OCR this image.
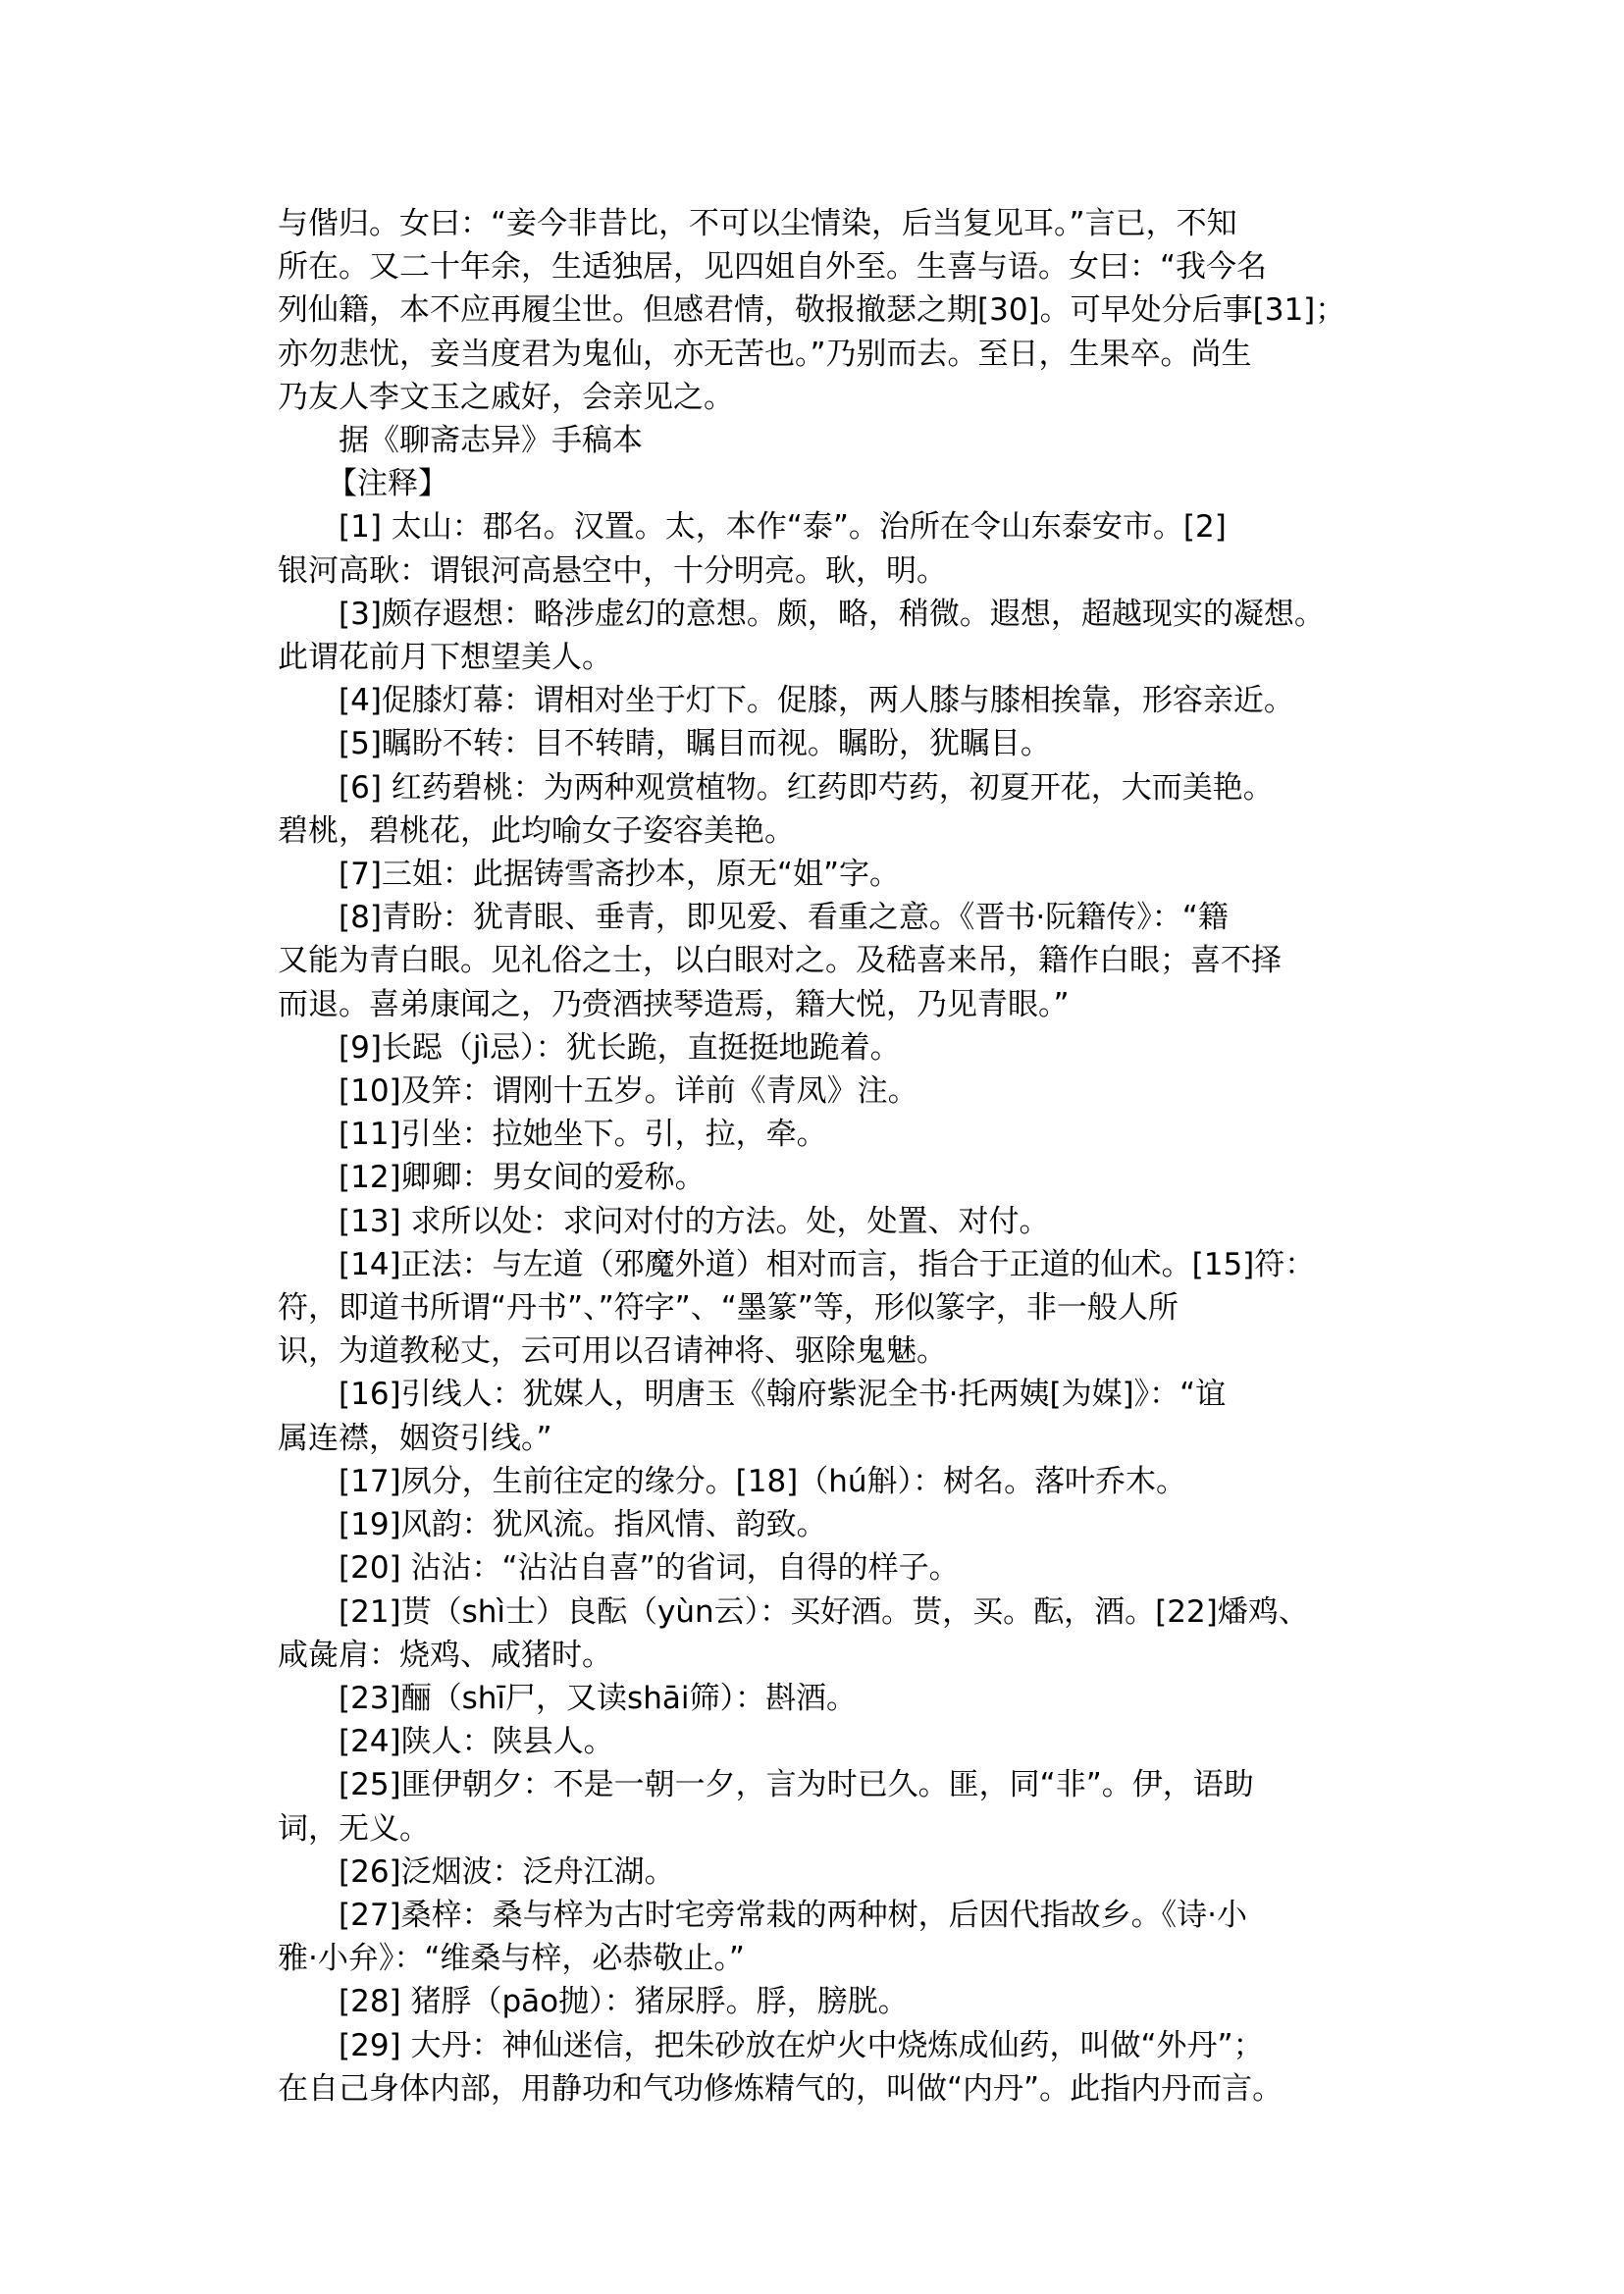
与偕归。女曰：“妾今非昔比，不可以尘情染，后当复见耳。”言已，不知
所在。又二十年余，生适独居，见四姐自外至。生喜与语。女曰：“我今名
列仙籍，本不应再履尘世。但感君情，敬报撤瑟之期[30]。可早处分后事[31]；
亦勿悲忧，妾当度君为鬼仙，亦无苦也。”乃别而去。至日，生果卒。尚生
乃友人李文玉之戚好，会亲见之。
据《聊斋志异》手稿本
【注释】
[1] 太山：郡名。汉置。太，本作“泰”。治所在令山东泰安市。[2]
银河高耿：谓银河高悬空中，十分明亮。耿，明。
[3]颇存遐想：略涉虚幻的意想。颇，略，稍微。遐想，超越现实的凝想。
此谓花前月下想望美人。
[4]促膝灯幕：谓相对坐于灯下。促膝，两人膝与膝相挨靠，形容亲近。
[5]瞩盼不转：目不转睛，瞩目而视。瞩盼，犹瞩目。
[6] 红药碧桃：为两种观赏植物。红药即芍药，初夏开花，大而美艳。
碧桃，碧桃花，此均喻女子姿容美艳。
[7]三姐：此据铸雪斋抄本，原无“姐”字。
[8]青盼：犹青眼、垂青，即见爱、看重之意。《晋书·阮籍传》：“籍
又能为青白眼。见礼俗之士，以白眼对之。及嵇喜来吊，籍作白眼；喜不择
而退。喜弟康闻之，乃赍酒挟琴造焉，籍大悦，乃见青眼。”
[9]长跽（jì忌）：犹长跪，直挺挺地跪着。
[10]及笄：谓刚十五岁。详前《青凤》注。
[11]引坐：拉她坐下。引，拉，牵。
[12]卿卿：男女间的爱称。
[13] 求所以处：求问对付的方法。处，处置、对付。
[14]正法：与左道（邪魔外道）相对而言，指合于正道的仙术。[15]符：
符，即道书所谓“丹书”、”符字”、“墨篆”等，形似篆字，非一般人所
识，为道教秘丈，云可用以召请神将、驱除鬼魅。
[16]引线人：犹媒人，明唐玉《翰府紫泥全书·托两姨[为媒]》：“谊
属连襟，姻资引线。”
[17]夙分，生前往定的缘分。[18]（hú斛）：树名。落叶乔木。
[19]风韵：犹风流。指风情、韵致。
[20] 沾沾：“沾沾自喜”的省词，自得的样子。
[21]贳（shì士）良酝（yùn云）：买好酒。贳，买。酝，酒。[22]燔鸡、
咸彘肩：烧鸡、咸猪时。
[23]酾（shī尸，又读shāi筛）：斟酒。
[24]陕人：陕县人。
[25]匪伊朝夕：不是一朝一夕，言为时已久。匪，同“非”。伊，语助
词，无义。
[26]泛烟波：泛舟江湖。
[27]桑梓：桑与梓为古时宅旁常栽的两种树，后因代指故乡。《诗·小
雅·小弁》：“维桑与梓，必恭敬止。”
[28] 猪脬（pāo抛）：猪尿脬。脬，膀胱。
[29] 大丹：神仙迷信，把朱砂放在炉火中烧炼成仙药，叫做“外丹”；
在自己身体内部，用静功和气功修炼精气的，叫做“内丹”。此指内丹而言。
